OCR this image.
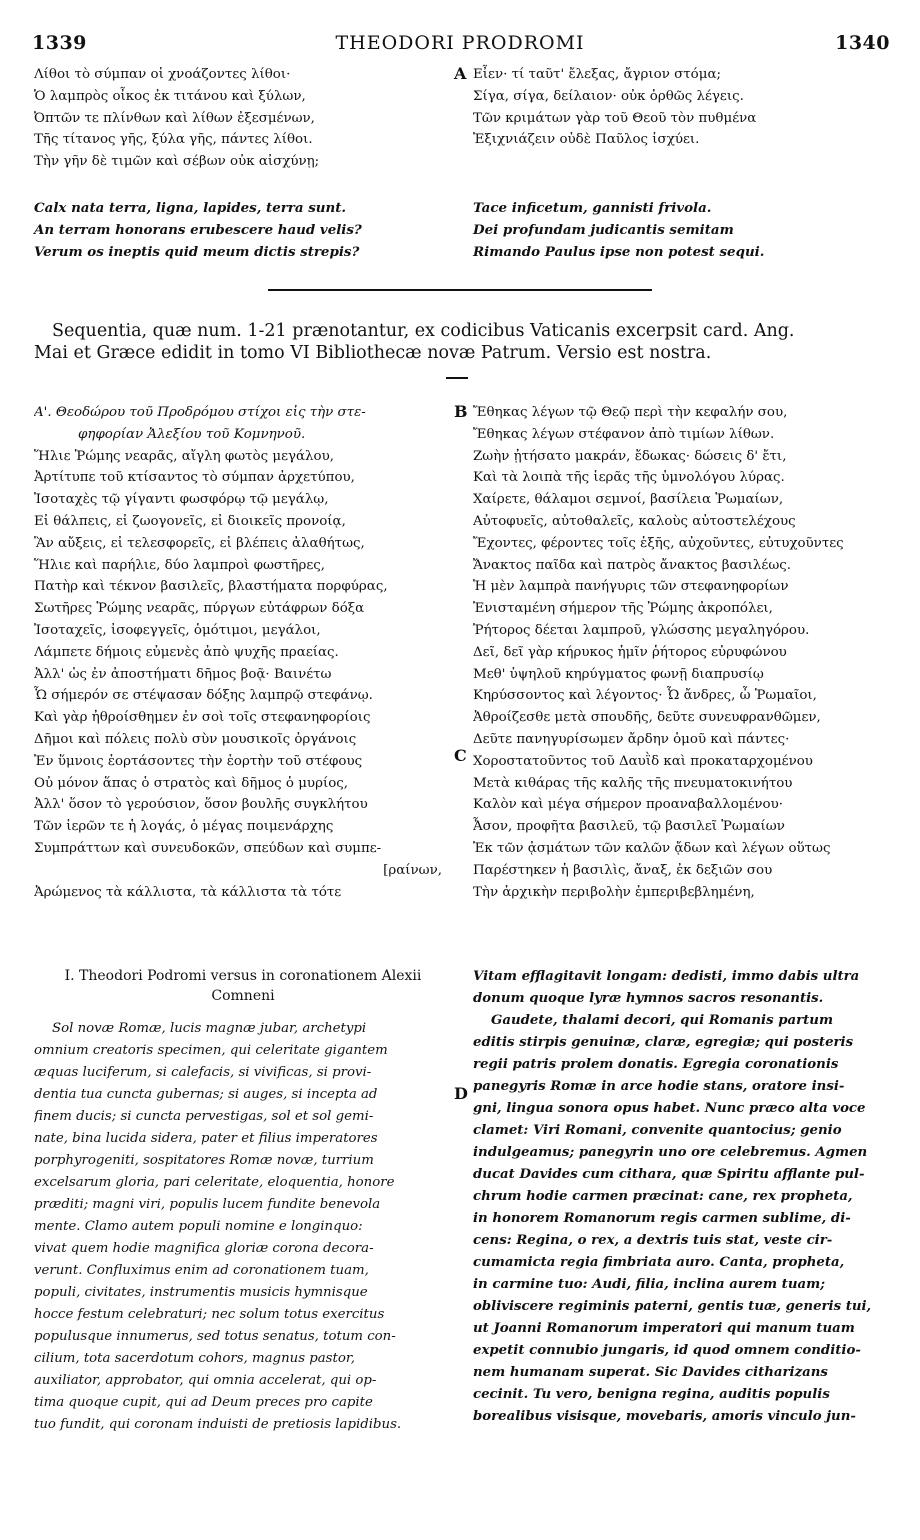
1339	THEODORI PRODROMI	1340
Λίθοι τὸ σύμπαν οἱ χνοάζοντες λίθοι·
Ὁ λαμπρὸς οἶκος ἐκ τιτάνου καὶ ξύλων,
Ὀπτῶν τε πλίνθων καὶ λίθων ἐξεσμένων,
Τῆς τίτανος γῆς, ξύλα γῆς, πάντες λίθοι.
Τὴν γῆν δὲ τιμῶν καὶ σέβων οὐκ αἰσχύνῃ;
Calx nata terra, ligna, lapides, terra sunt.
An terram honorans erubescere haud velis?
Verum os ineptis quid meum dictis strepis?
A Εἶεν· τί ταῦτ' ἔλεξας, ἄγριον στόμα;
Σίγα, σίγα, δείλαιον· οὐκ ὀρθῶς λέγεις.
Τῶν κριμάτων γὰρ τοῦ Θεοῦ τὸν πυθμένα
Ἐξιχνιάζειν οὐδὲ Παῦλος ἰσχύει.
Tace inficetum, gannisti frivola.
Dei profundam judicantis semitam
Rimando Paulus ipse non potest sequi.
Sequentia, quæ num. 1-21 prænotantur, ex codicibus Vaticanis excerpsit card. Ang.
Mai et Græce edidit in tomo VI Bibliothecæ novæ Patrum. Versio est nostra.
Α'. Θεοδώρου τοῦ Προδρόμου στίχοι εἰς τὴν στε-
φηφορίαν Ἀλεξίου τοῦ Κομνηνοῦ.
Ἥλιε Ῥώμης νεαρᾶς, αἴγλη φωτὸς μεγάλου,
Ἀρτίτυπε τοῦ κτίσαντος τὸ σύμπαν ἀρχετύπου,
Ἰσοταχὲς τῷ γίγαντι φωσφόρῳ τῷ μεγάλῳ,
Εἰ θάλπεις, εἰ ζωογονεῖς, εἰ διοικεῖς προνοίᾳ,
Ἂν αὔξεις, εἰ τελεσφορεῖς, εἰ βλέπεις ἀλαθήτως,
Ἥλιε καὶ παρήλιε, δύο λαμπροὶ φωστῆρες,
Πατὴρ καὶ τέκνον βασιλεῖς, βλαστήματα πορφύρας,
Σωτῆρες Ῥώμης νεαρᾶς, πύργων εὐτάφρων δόξα
Ἰσοταχεῖς, ἰσοφεγγεῖς, ὁμότιμοι, μεγάλοι,
Λάμπετε δήμοις εὐμενὲς ἀπὸ ψυχῆς πραείας.
Ἀλλ' ὡς ἐν ἀποστήματι δῆμος βοᾷ· Βαινέτω
Ὧ σήμερόν σε στέψασαν δόξης λαμπρῷ στεφάνῳ.
Καὶ γὰρ ἠθροίσθημεν ἐν σοὶ τοῖς στεφανηφορίοις
Δῆμοι καὶ πόλεις πολὺ σὺν μουσικοῖς ὀργάνοις
Ἐν ὕμνοις ἑορτάσοντες τὴν ἑορτὴν τοῦ στέφους
Οὐ μόνον ἅπας ὁ στρατὸς καὶ δῆμος ὁ μυρίος,
Ἀλλ' ὅσον τὸ γερούσιον, ὅσον βουλῆς συγκλήτου
Τῶν ἱερῶν τε ἡ λογάς, ὁ μέγας ποιμενάρχης
Συμπράττων καὶ συνευδοκῶν, σπεύδων καὶ συμπε-
[ραίνων,
Ἀρώμενος τὰ κάλλιστα, τὰ κάλλιστα τὰ τότε
B
C
Ἔθηκας λέγων τῷ Θεῷ περὶ τὴν κεφαλήν σου,
Ἔθηκας λέγων στέφανον ἀπὸ τιμίων λίθων.
Ζωὴν ᾐτήσατο μακράν, ἔδωκας· δώσεις δ' ἔτι,
Καὶ τὰ λοιπὰ τῆς ἱερᾶς τῆς ὑμνολόγου λύρας.
Χαίρετε, θάλαμοι σεμνοί, βασίλεια Ῥωμαίων,
Αὐτοφυεῖς, αὐτοθαλεῖς, καλοὺς αὐτοστελέχους
Ἔχοντες, φέροντες τοῖς ἑξῆς, αὐχοῦντες, εὐτυχοῦντες
Ἄνακτος παῖδα καὶ πατρὸς ἄνακτος βασιλέως.
Ἡ μὲν λαμπρὰ πανήγυρις τῶν στεφανηφορίων
Ἐνισταμένη σήμερον τῆς Ῥώμης ἀκροπόλει,
Ῥήτορος δέεται λαμπροῦ, γλώσσης μεγαληγόρου.
Δεῖ, δεῖ γὰρ κήρυκος ἡμῖν ῥήτορος εὐρυφώνου
Μεθ' ὑψηλοῦ κηρύγματος φωνῇ διαπρυσίῳ
Κηρύσσοντος καὶ λέγοντος· Ὦ ἄνδρες, ὦ Ῥωμαῖοι,
Ἀθροίζεσθε μετὰ σπουδῆς, δεῦτε συνευφρανθῶμεν,
Δεῦτε πανηγυρίσωμεν ἄρδην ὁμοῦ καὶ πάντες·
Χοροστατοῦντος τοῦ Δαυῒδ καὶ προκαταρχομένου
Μετὰ κιθάρας τῆς καλῆς τῆς πνευματοκινήτου
Καλὸν καὶ μέγα σήμερον προαναβαλλομένου·
Ἆσον, προφῆτα βασιλεῦ, τῷ βασιλεῖ Ῥωμαίων
Ἐκ τῶν ᾀσμάτων τῶν καλῶν ᾄδων καὶ λέγων οὕτως
Παρέστηκεν ἡ βασιλὶς, ἄναξ, ἐκ δεξιῶν σου
Τὴν ἀρχικὴν περιβολὴν ἐμπεριβεβλημένη,
I. Theodori Podromi versus in coronationem Alexii
Comneni
Sol novæ Romæ, lucis magnæ jubar, archetypi
omnium creatoris specimen, qui celeritate gigantem
æquas luciferum, si calefacis, si vivificas, si provi-
dentia tua cuncta gubernas; si auges, si incepta ad
finem ducis; si cuncta pervestigas, sol et sol gemi-
nate, bina lucida sidera, pater et filius imperatores
porphyrogeniti, sospitatores Romæ novæ, turrium
excelsarum gloria, pari celeritate, eloquentia, honore
præditi; magni viri, populis lucem fundite benevola
mente. Clamo autem populi nomine e longinquo:
vivat quem hodie magnifica gloriæ corona decora-
verunt. Confluximus enim ad coronationem tuam,
populi, civitates, instrumentis musicis hymnisque
hocce festum celebraturi; nec solum totus exercitus
populusque innumerus, sed totus senatus, totum con-
cilium, tota sacerdotum cohors, magnus pastor,
auxiliator, approbator, qui omnia accelerat, qui op-
tima quoque cupit, qui ad Deum preces pro capite
tuo fundit, qui coronam induisti de pretiosis lapidibus.
D
Vitam efflagitavit longam: dedisti, immo dabis ultra
donum quoque lyræ hymnos sacros resonantis.
Gaudete, thalami decori, qui Romanis partum
editis stirpis genuinæ, claræ, egregiæ; qui posteris
regii patris prolem donatis. Egregia coronationis
panegyris Romæ in arce hodie stans, oratore insi-
gni, lingua sonora opus habet. Nunc præco alta voce
clamet: Viri Romani, convenite quantocius; genio
indulgeamus; panegyrin uno ore celebremus. Agmen
ducat Davides cum cithara, quæ Spiritu afflante pul-
chrum hodie carmen præcinat: cane, rex propheta,
in honorem Romanorum regis carmen sublime, di-
cens: Regina, o rex, a dextris tuis stat, veste cir-
cumamicta regia fimbriata auro. Canta, propheta,
in carmine tuo: Audi, filia, inclina aurem tuam;
obliviscere regiminis paterni, gentis tuæ, generis tui,
ut Joanni Romanorum imperatori qui manum tuam
expetit connubio jungaris, id quod omnem conditio-
nem humanam superat. Sic Davides citharizans
cecinit. Tu vero, benigna regina, auditis populis
borealibus visisque, movebaris, amoris vinculo jun-
